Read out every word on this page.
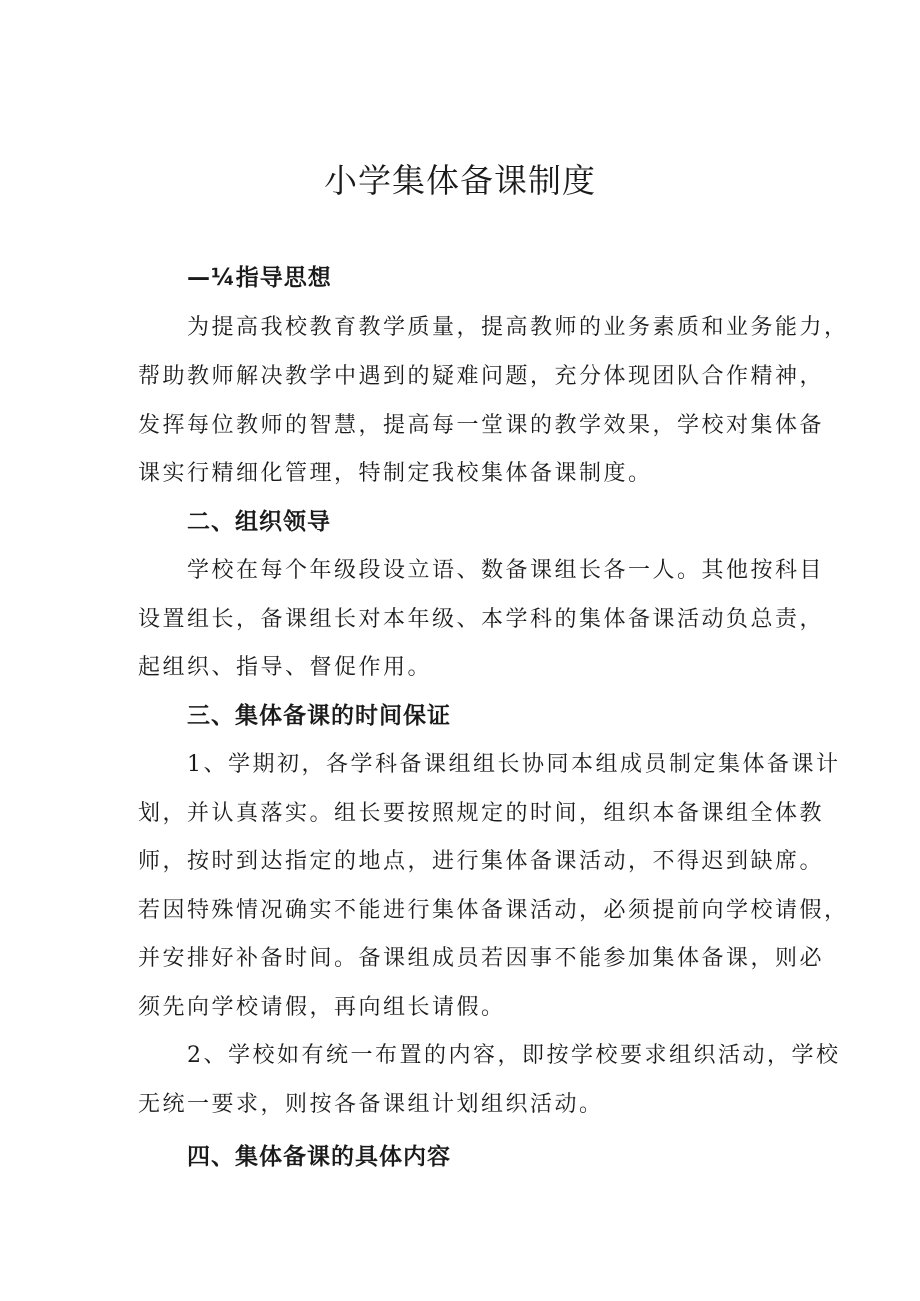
小学集体备课制度
—¼指导思想
为提高我校教育教学质量，提高教师的业务素质和业务能力，
帮助教师解决教学中遇到的疑难问题，充分体现团队合作精神，
发挥每位教师的智慧，提高每一堂课的教学效果，学校对集体备
课实行精细化管理，特制定我校集体备课制度。
二、组织领导
学校在每个年级段设立语、数备课组长各一人。其他按科目
设置组长，备课组长对本年级、本学科的集体备课活动负总责，
起组织、指导、督促作用。
三、集体备课的时间保证
1、学期初，各学科备课组组长协同本组成员制定集体备课计
划，并认真落实。组长要按照规定的时间，组织本备课组全体教
师，按时到达指定的地点，进行集体备课活动，不得迟到缺席。
若因特殊情况确实不能进行集体备课活动，必须提前向学校请假，
并安排好补备时间。备课组成员若因事不能参加集体备课，则必
须先向学校请假，再向组长请假。
2、学校如有统一布置的内容，即按学校要求组织活动，学校
无统一要求，则按各备课组计划组织活动。
四、集体备课的具体内容
